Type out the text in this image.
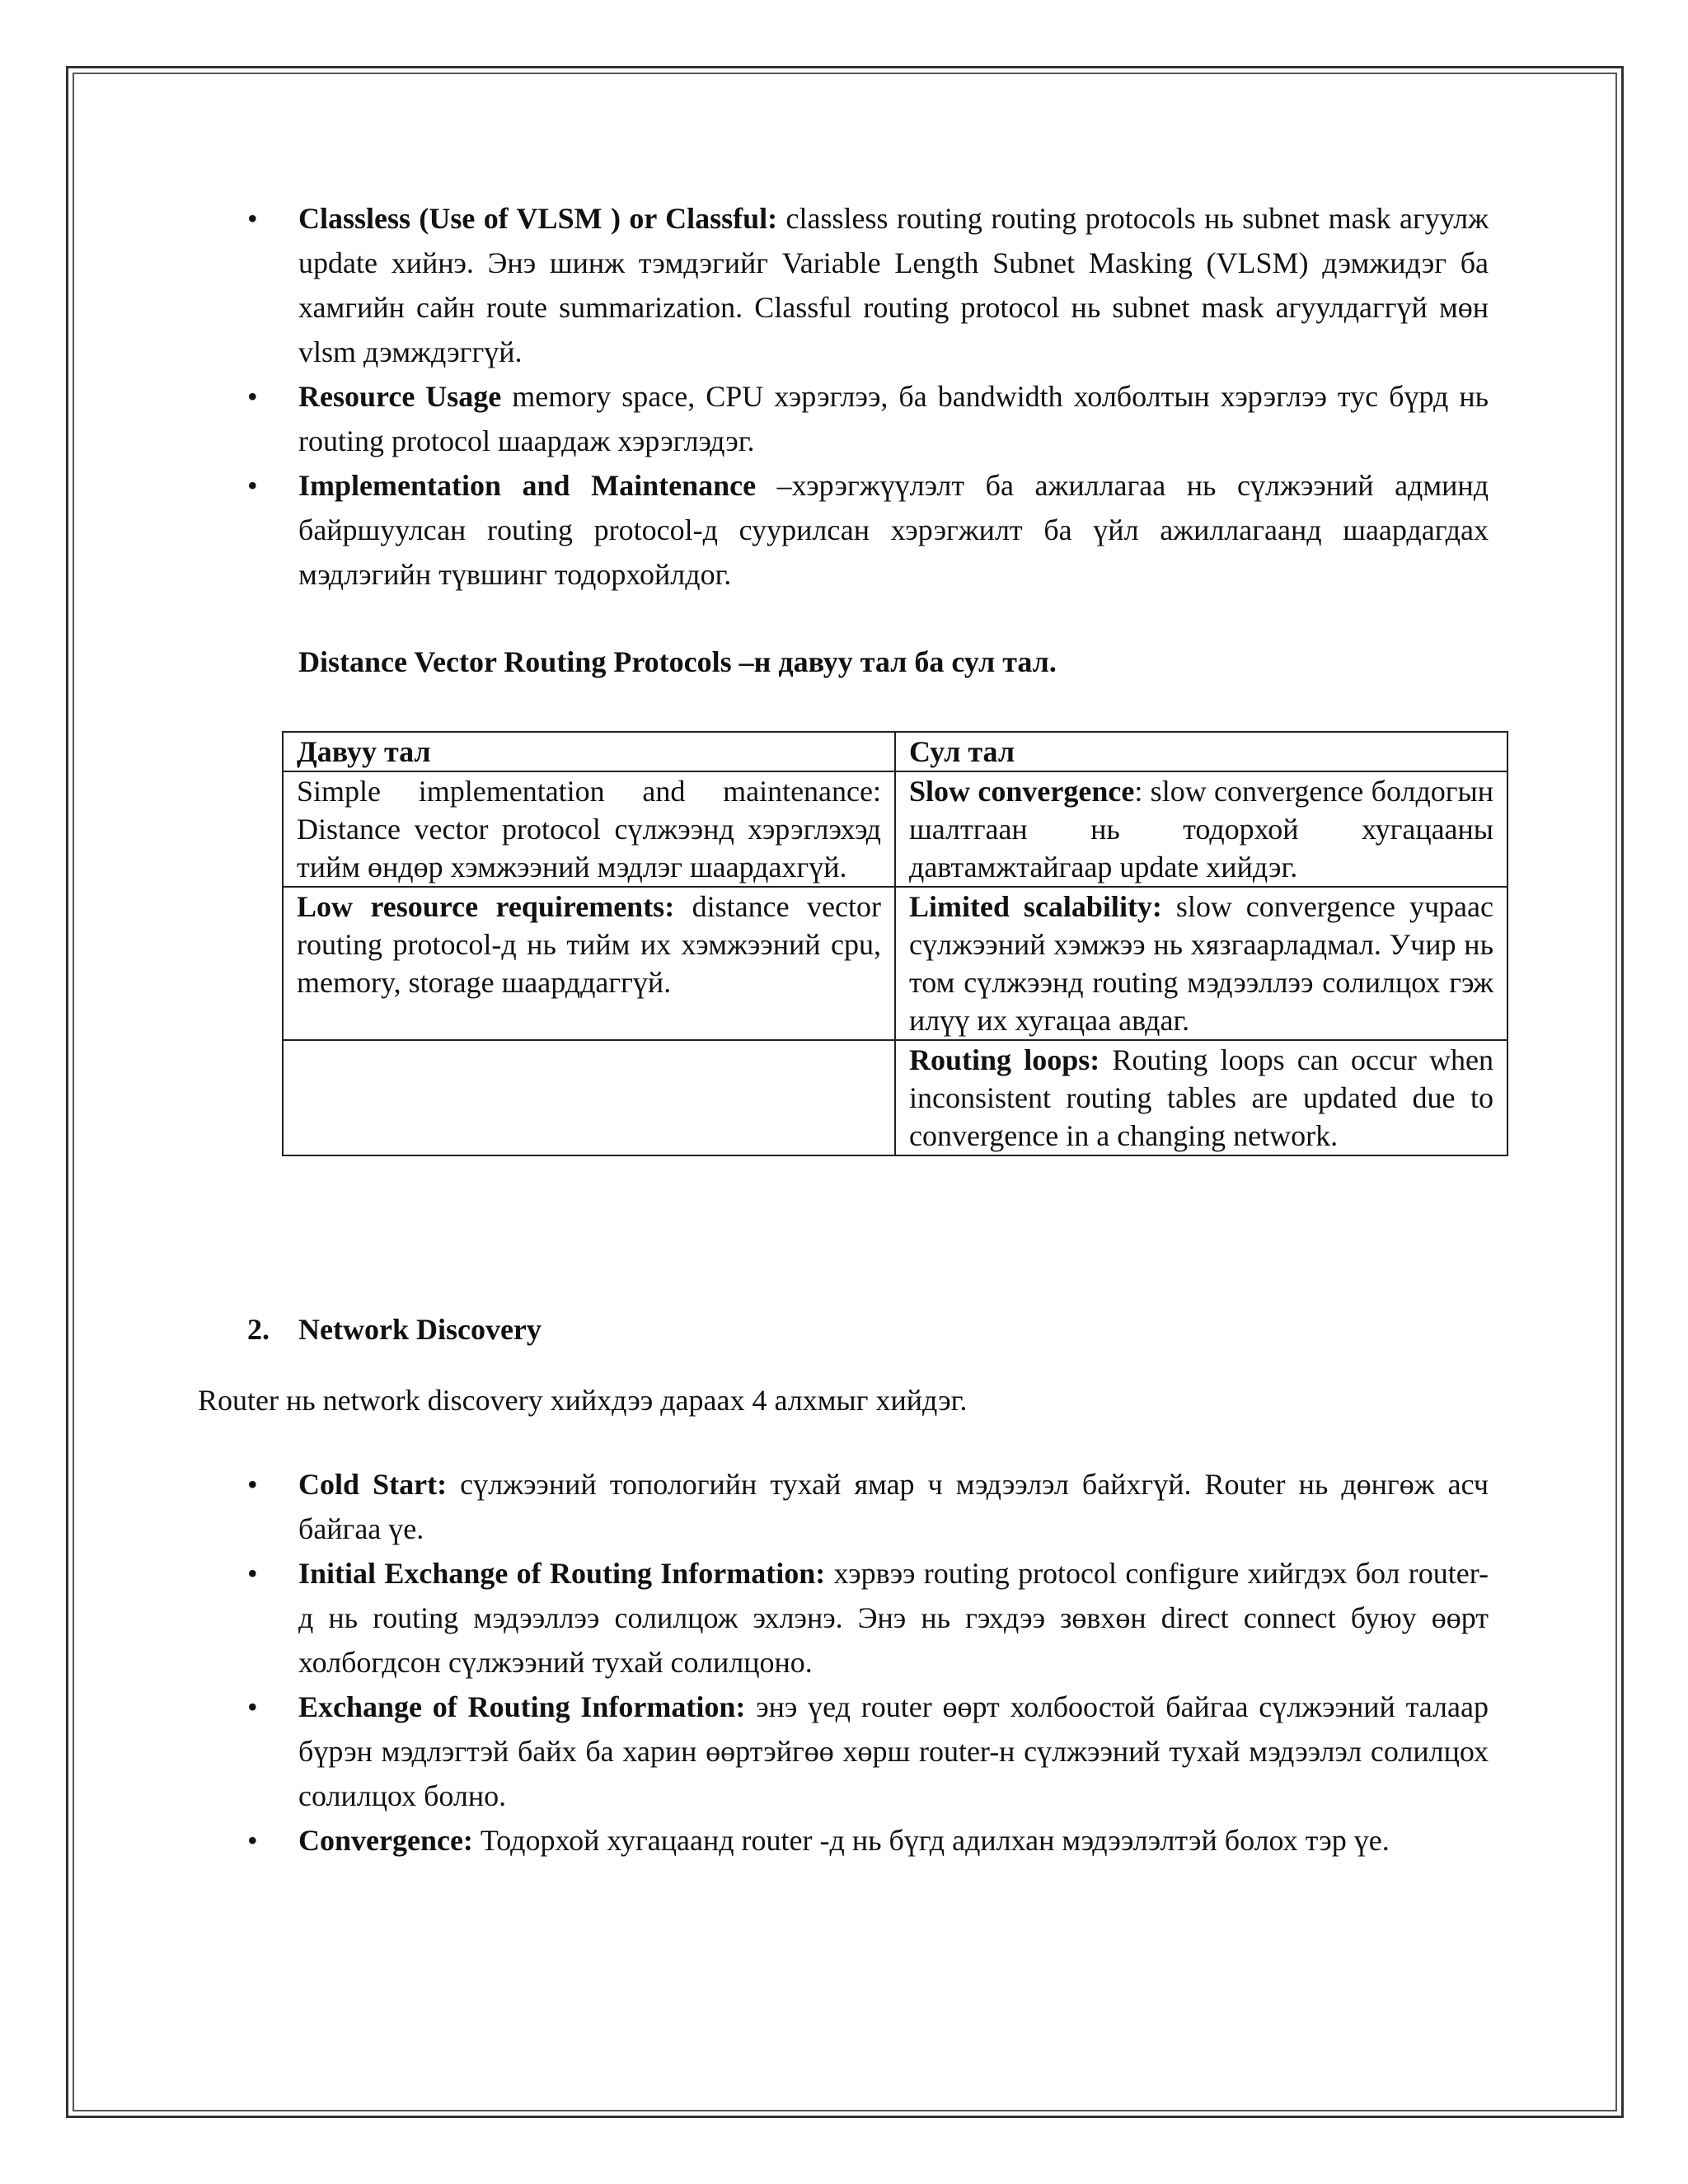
•	Classless (Use of VLSM ) or Classful: classless routing routing protocols нь subnet mask агуулж update хийнэ. Энэ шинж тэмдэгийг Variable Length Subnet Masking (VLSM) дэмжидэг ба хамгийн сайн route summarization. Classful routing protocol нь subnet mask агуулдаггүй мөн vlsm дэмждэггүй.
•	Resource Usage memory space, CPU хэрэглээ, ба bandwidth холболтын хэрэглээ тус бүрд нь routing protocol шаардаж хэрэглэдэг.
•	Implementation and Maintenance –хэрэгжүүлэлт ба ажиллагаа нь сүлжээний админд байршуулсан routing protocol-д суурилсан хэрэгжилт ба үйл ажиллагаанд шаардагдах мэдлэгийн түвшинг тодорхойлдог.
Distance Vector Routing Protocols –н давуу тал ба сул тал.
Давуу тал	Сул тал
Simple implementation and maintenance: Distance vector protocol сүлжээнд хэрэглэхэд тийм өндөр хэмжээний мэдлэг шаардахгүй.	Slow convergence: slow convergence болдогын шалтгаан нь тодорхой хугацааны давтамжтайгаар update хийдэг.
Low resource requirements: distance vector routing protocol-д нь тийм их хэмжээний cpu, memory, storage шаарддаггүй.	Limited scalability: slow convergence учраас сүлжээний хэмжээ нь хязгаарладмал. Учир нь том сүлжээнд routing мэдээллээ солилцох гэж илүү их хугацаа авдаг.
	Routing loops: Routing loops can occur when inconsistent routing tables are updated due to convergence in a changing network.
2. Network Discovery
Router нь network discovery хийхдээ дараах 4 алхмыг хийдэг.
•	Cold Start: сүлжээний топологийн тухай ямар ч мэдээлэл байхгүй. Router нь дөнгөж асч байгаа үе.
•	Initial Exchange of Routing Information: хэрвээ routing protocol configure хийгдэх бол router-д нь routing мэдээллээ солилцож эхлэнэ. Энэ нь гэхдээ зөвхөн direct connect буюу өөрт холбогдсон сүлжээний тухай солилцоно.
•	Exchange of Routing Information: энэ үед router өөрт холбоостой байгаа сүлжээний талаар бүрэн мэдлэгтэй байх ба харин өөртэйгөө хөрш router-н сүлжээний тухай мэдээлэл солилцох солилцох болно.
•	Convergence: Тодорхой хугацаанд router -д нь бүгд адилхан мэдээлэлтэй болох тэр үе.
